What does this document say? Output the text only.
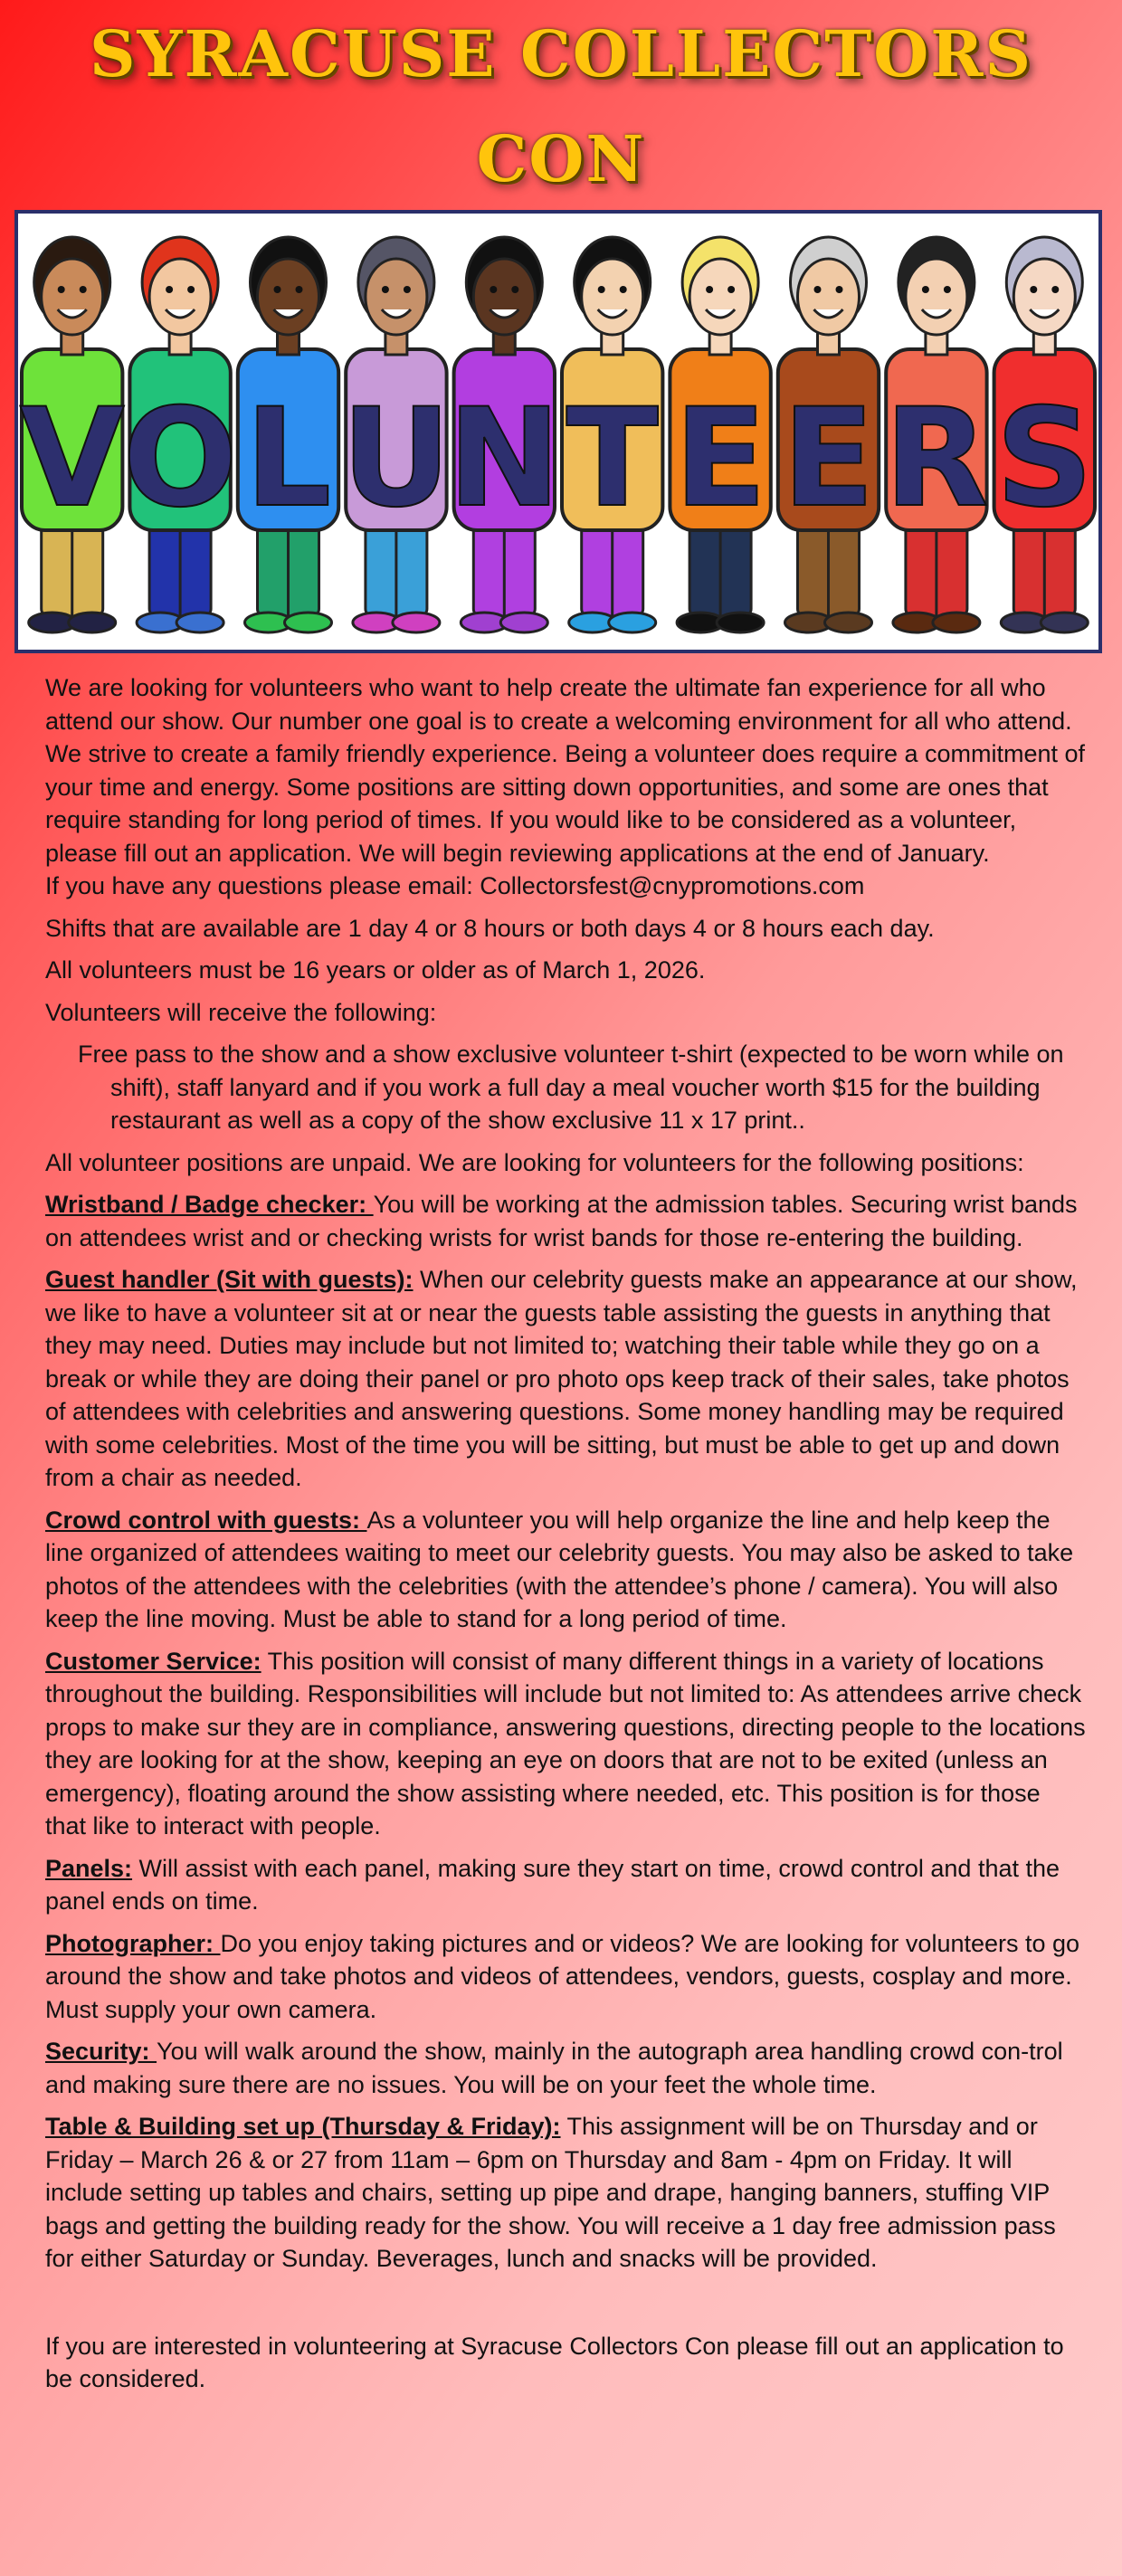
SYRACUSE COLLECTORS CON
V
O L U
N T E E R S

We are looking for volunteers who want to help create the ultimate fan experience for all who attend our show. Our number one goal is to create a welcoming environment for all who attend. We strive to create a family friendly experience. Being a volunteer does require a commitment of your time and energy. Some positions are sitting down opportunities, and some are ones that require standing for long period of times. If you would like to be considered as a volunteer, please fill out an application. We will begin reviewing applications at the end of January.

If you have any questions please email: Collectorsfest@cnypromotions.com

Shifts that are available are 1 day 4 or 8 hours or both days 4 or 8 hours each day.

All volunteers must be 16 years or older as of March 1, 2026.

Volunteers will receive the following:

Free pass to the show and a show exclusive volunteer t-shirt (expected to be worn while on shift), staff lanyard and if you work a full day a meal voucher worth $15 for the building restaurant as well as a copy of the show exclusive 11 x 17 print..

All volunteer positions are unpaid. We are looking for volunteers for the following positions:

Wristband / Badge checker: You will be working at the admission tables. Securing wrist bands on attendees wrist and or checking wrists for wrist bands for those re-entering the building.

Guest handler (Sit with guests): When our celebrity guests make an appearance at our show, we like to have a volunteer sit at or near the guests table assisting the guests in anything that they may need. Duties may include but not limited to; watching their table while they go on a break or while they are doing their panel or pro photo ops keep track of their sales, take photos of attendees with celebrities and answering questions. Some money handling may be required with some celebrities. Most of the time you will be sitting, but must be able to get up and down from a chair as needed.

Crowd control with guests: As a volunteer you will help organize the line and help keep the line organized of attendees waiting to meet our celebrity guests. You may also be asked to take photos of the attendees with the celebrities (with the attendee’s phone / camera). You will also keep the line moving. Must be able to stand for a long period of time.

Customer Service: This position will consist of many different things in a variety of locations throughout the building. Responsibilities will include but not limited to: As attendees arrive check props to make sur they are in compliance, answering questions, directing people to the locations they are looking for at the show, keeping an eye on doors that are not to be exited (unless an emergency), floating around the show assisting where needed, etc. This position is for those that like to interact with people.

Panels: Will assist with each panel, making sure they start on time, crowd control and that the panel ends on time.

Photographer: Do you enjoy taking pictures and or videos? We are looking for volunteers to go around the show and take photos and videos of attendees, vendors, guests, cosplay and more. Must supply your own camera.

Security: You will walk around the show, mainly in the autograph area handling crowd con-trol and making sure there are no issues. You will be on your feet the whole time.

Table & Building set up (Thursday & Friday): This assignment will be on Thursday and or Friday – March 26 & or 27 from 11am – 6pm on Thursday and 8am - 4pm on Friday. It will include setting up tables and chairs, setting up pipe and drape, hanging banners, stuffing VIP bags and getting the building ready for the show. You will receive a 1 day free admission pass for either Saturday or Sunday. Beverages, lunch and snacks will be provided.

If you are interested in volunteering at Syracuse Collectors Con please fill out an application to be considered.
